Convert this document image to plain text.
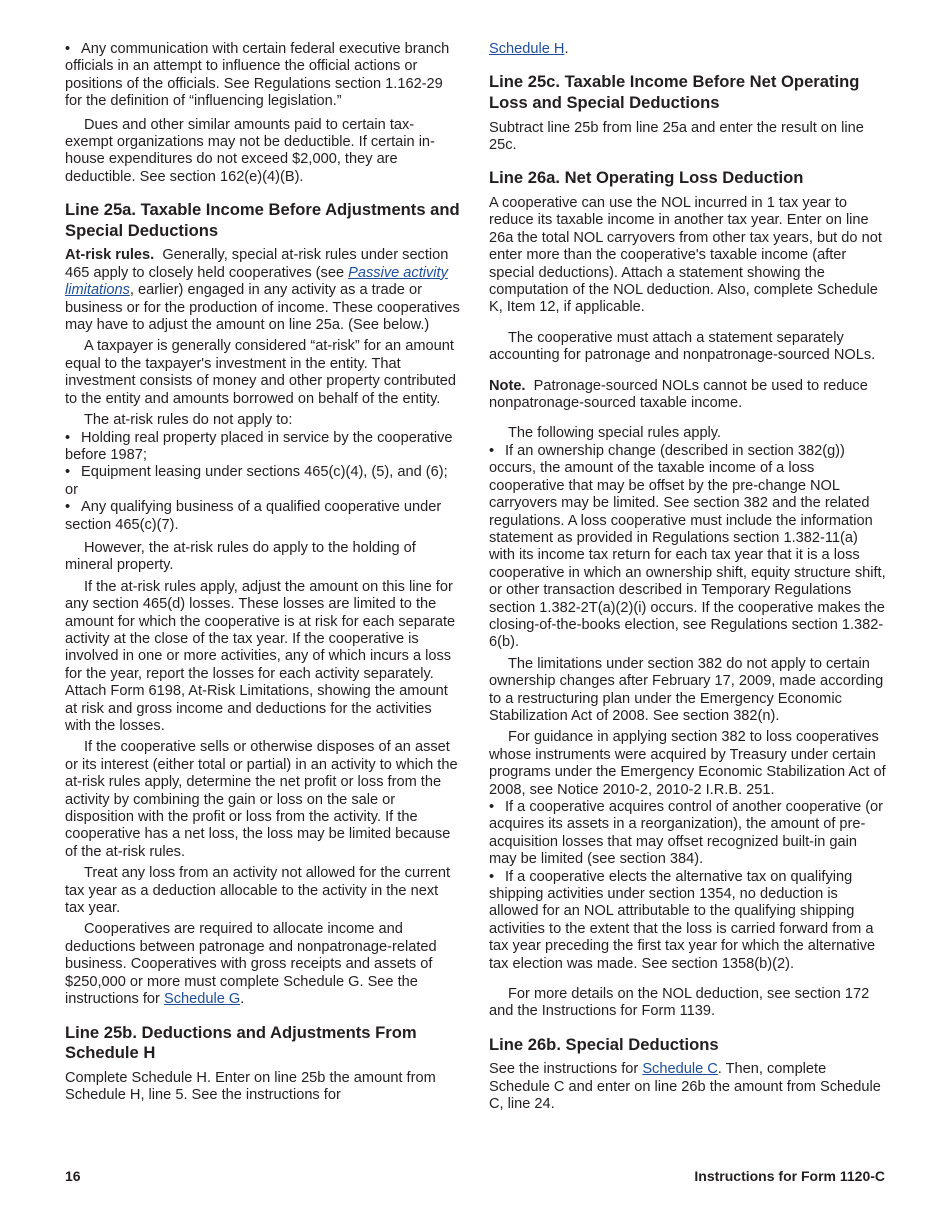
• Any communication with certain federal executive branch officials in an attempt to influence the official actions or positions of the officials. See Regulations section 1.162-29 for the definition of “influencing legislation.”

Dues and other similar amounts paid to certain tax-exempt organizations may not be deductible. If certain in-house expenditures do not exceed $2,000, they are deductible. See section 162(e)(4)(B).

Line 25a. Taxable Income Before Adjustments and Special Deductions

At-risk rules. Generally, special at-risk rules under section 465 apply to closely held cooperatives (see Passive activity limitations, earlier) engaged in any activity as a trade or business or for the production of income. These cooperatives may have to adjust the amount on line 25a. (See below.)

A taxpayer is generally considered “at-risk” for an amount equal to the taxpayer's investment in the entity. That investment consists of money and other property contributed to the entity and amounts borrowed on behalf of the entity.

The at-risk rules do not apply to:

• Holding real property placed in service by the cooperative before 1987;

• Equipment leasing under sections 465(c)(4), (5), and (6); or

• Any qualifying business of a qualified cooperative under section 465(c)(7).

However, the at-risk rules do apply to the holding of mineral property.

If the at-risk rules apply, adjust the amount on this line for any section 465(d) losses. These losses are limited to the amount for which the cooperative is at risk for each separate activity at the close of the tax year. If the cooperative is involved in one or more activities, any of which incurs a loss for the year, report the losses for each activity separately. Attach Form 6198, At-Risk Limitations, showing the amount at risk and gross income and deductions for the activities with the losses.

If the cooperative sells or otherwise disposes of an asset or its interest (either total or partial) in an activity to which the at-risk rules apply, determine the net profit or loss from the activity by combining the gain or loss on the sale or disposition with the profit or loss from the activity. If the cooperative has a net loss, the loss may be limited because of the at-risk rules.

Treat any loss from an activity not allowed for the current tax year as a deduction allocable to the activity in the next tax year.

Cooperatives are required to allocate income and deductions between patronage and nonpatronage-related business. Cooperatives with gross receipts and assets of $250,000 or more must complete Schedule G. See the instructions for Schedule G.

Line 25b. Deductions and Adjustments From Schedule H

Complete Schedule H. Enter on line 25b the amount from Schedule H, line 5. See the instructions for

Schedule H.

Line 25c. Taxable Income Before Net Operating Loss and Special Deductions

Subtract line 25b from line 25a and enter the result on line 25c.

Line 26a. Net Operating Loss Deduction

A cooperative can use the NOL incurred in 1 tax year to reduce its taxable income in another tax year. Enter on line 26a the total NOL carryovers from other tax years, but do not enter more than the cooperative's taxable income (after special deductions). Attach a statement showing the computation of the NOL deduction. Also, complete Schedule K, Item 12, if applicable.

The cooperative must attach a statement separately accounting for patronage and nonpatronage-sourced NOLs.

Note. Patronage-sourced NOLs cannot be used to reduce nonpatronage-sourced taxable income.

The following special rules apply.

• If an ownership change (described in section 382(g)) occurs, the amount of the taxable income of a loss cooperative that may be offset by the pre-change NOL carryovers may be limited. See section 382 and the related regulations. A loss cooperative must include the information statement as provided in Regulations section 1.382-11(a) with its income tax return for each tax year that it is a loss cooperative in which an ownership shift, equity structure shift, or other transaction described in Temporary Regulations section 1.382-2T(a)(2)(i) occurs. If the cooperative makes the closing-of-the-books election, see Regulations section 1.382-6(b).

The limitations under section 382 do not apply to certain ownership changes after February 17, 2009, made according to a restructuring plan under the Emergency Economic Stabilization Act of 2008. See section 382(n).

For guidance in applying section 382 to loss cooperatives whose instruments were acquired by Treasury under certain programs under the Emergency Economic Stabilization Act of 2008, see Notice 2010-2, 2010-2 I.R.B. 251.

• If a cooperative acquires control of another cooperative (or acquires its assets in a reorganization), the amount of pre-acquisition losses that may offset recognized built-in gain may be limited (see section 384).

• If a cooperative elects the alternative tax on qualifying shipping activities under section 1354, no deduction is allowed for an NOL attributable to the qualifying shipping activities to the extent that the loss is carried forward from a tax year preceding the first tax year for which the alternative tax election was made. See section 1358(b)(2).

For more details on the NOL deduction, see section 172 and the Instructions for Form 1139.

Line 26b. Special Deductions

See the instructions for Schedule C. Then, complete Schedule C and enter on line 26b the amount from Schedule C, line 24.

16	Instructions for Form 1120-C
